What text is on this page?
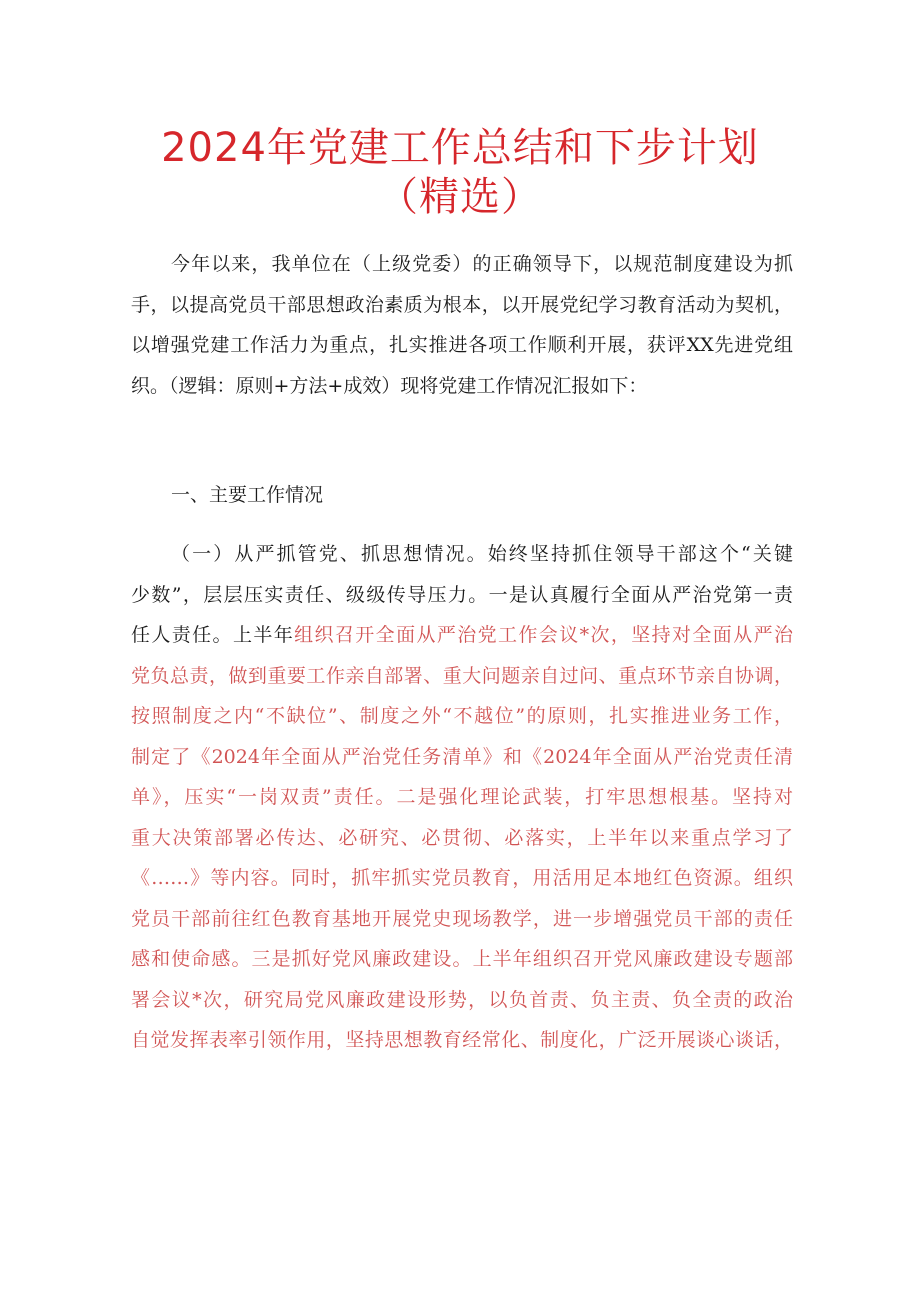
2024年党建工作总结和下步计划
（精选）
今年以来，我单位在（上级党委）的正确领导下，以规范制度建设为抓
手，以提高党员干部思想政治素质为根本，以开展党纪学习教育活动为契机，
以增强党建工作活力为重点，扎实推进各项工作顺利开展，获评XX先进党组
织。（逻辑：原则+方法+成效）现将党建工作情况汇报如下：
一、主要工作情况
（一）从严抓管党、抓思想情况。始终坚持抓住领导干部这个“关键
少数”，层层压实责任、级级传导压力。一是认真履行全面从严治党第一责
任人责任。上半年组织召开全面从严治党工作会议*次，坚持对全面从严治
党负总责，做到重要工作亲自部署、重大问题亲自过问、重点环节亲自协调，
按照制度之内“不缺位”、制度之外“不越位”的原则，扎实推进业务工作，
制定了《2024年全面从严治党任务清单》和《2024年全面从严治党责任清
单》，压实“一岗双责”责任。二是强化理论武装，打牢思想根基。坚持对
重大决策部署必传达、必研究、必贯彻、必落实，上半年以来重点学习了
《……》等内容。同时，抓牢抓实党员教育，用活用足本地红色资源。组织
党员干部前往红色教育基地开展党史现场教学，进一步增强党员干部的责任
感和使命感。三是抓好党风廉政建设。上半年组织召开党风廉政建设专题部
署会议*次，研究局党风廉政建设形势，以负首责、负主责、负全责的政治
自觉发挥表率引领作用，坚持思想教育经常化、制度化，广泛开展谈心谈话，
